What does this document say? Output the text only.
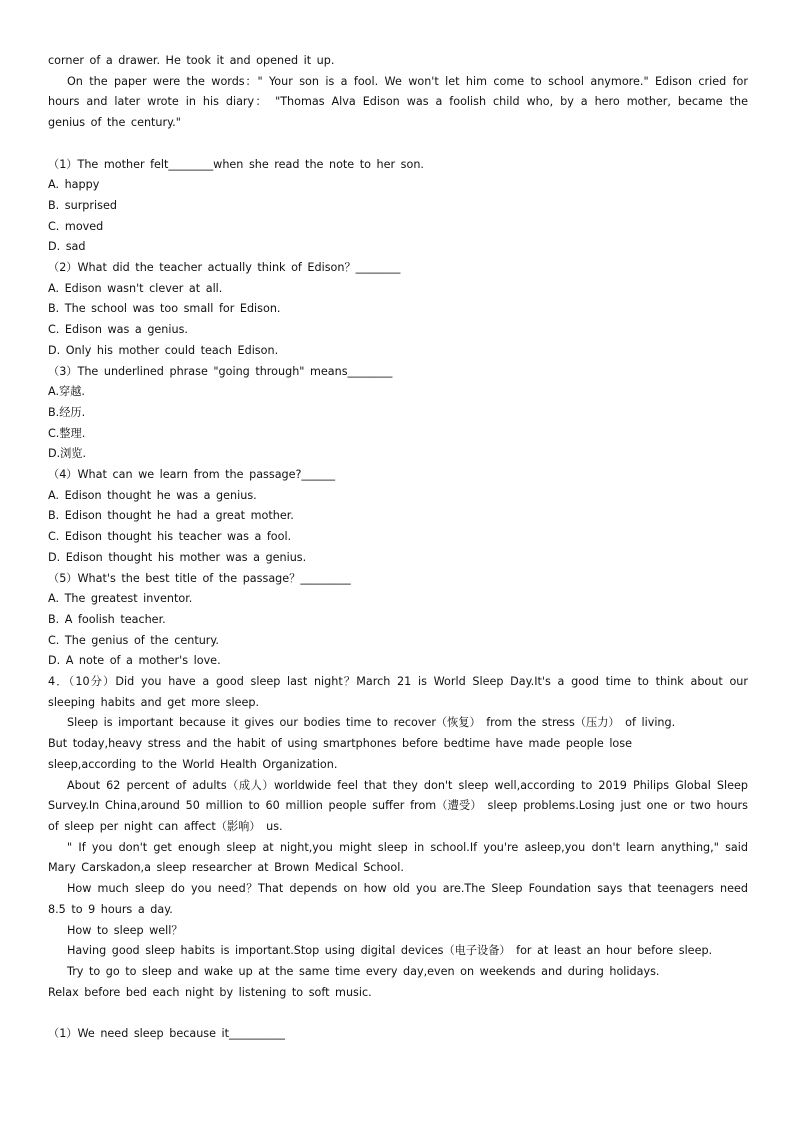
corner of a drawer. He took it and opened it up.

On the paper were the words：" Your son is a fool. We won't let him come to school anymore." Edison cried for hours and later wrote in his diary： "Thomas Alva Edison was a foolish child who, by a hero mother, became the genius of the century."

（1）The mother felt________when she read the note to her son.

A. happy

B. surprised

C. moved

D. sad

（2）What did the teacher actually think of Edison？________

A. Edison wasn't clever at all.

B. The school was too small for Edison.

C. Edison was a genius.

D. Only his mother could teach Edison.

（3）The underlined phrase "going through" means________

A.穿越.

B.经历.

C.整理.

D.浏览.

（4）What can we learn from the passage?______

A. Edison thought he was a genius.

B. Edison thought he had a great mother.

C. Edison thought his teacher was a fool.

D. Edison thought his mother was a genius.

（5）What's the best title of the passage？_________

A. The greatest inventor.

B. A foolish teacher.

C. The genius of the century.

D. A note of a mother's love.

4．（10分）Did you have a good sleep last night？March 21 is World Sleep Day.It's a good time to think about our sleeping habits and get more sleep.

Sleep is important because it gives our bodies time to recover（恢复） from the stress（压力） of living.

But today,heavy stress and the habit of using smartphones before bedtime have made people lose

sleep,according to the World Health Organization.

About 62 percent of adults（成人）worldwide feel that they don't sleep well,according to 2019 Philips Global Sleep Survey.In China,around 50 million to 60 million people suffer from（遭受） sleep problems.Losing just one or two hours of sleep per night can affect（影响） us.

" If you don't get enough sleep at night,you might sleep in school.If you're asleep,you don't learn anything," said Mary Carskadon,a sleep researcher at Brown Medical School.

How much sleep do you need？That depends on how old you are.The Sleep Foundation says that teenagers need 8.5 to 9 hours a day.

How to sleep well？

Having good sleep habits is important.Stop using digital devices（电子设备） for at least an hour before sleep.

Try to go to sleep and wake up at the same time every day,even on weekends and during holidays.

Relax before bed each night by listening to soft music.

（1）We need sleep because it__________
